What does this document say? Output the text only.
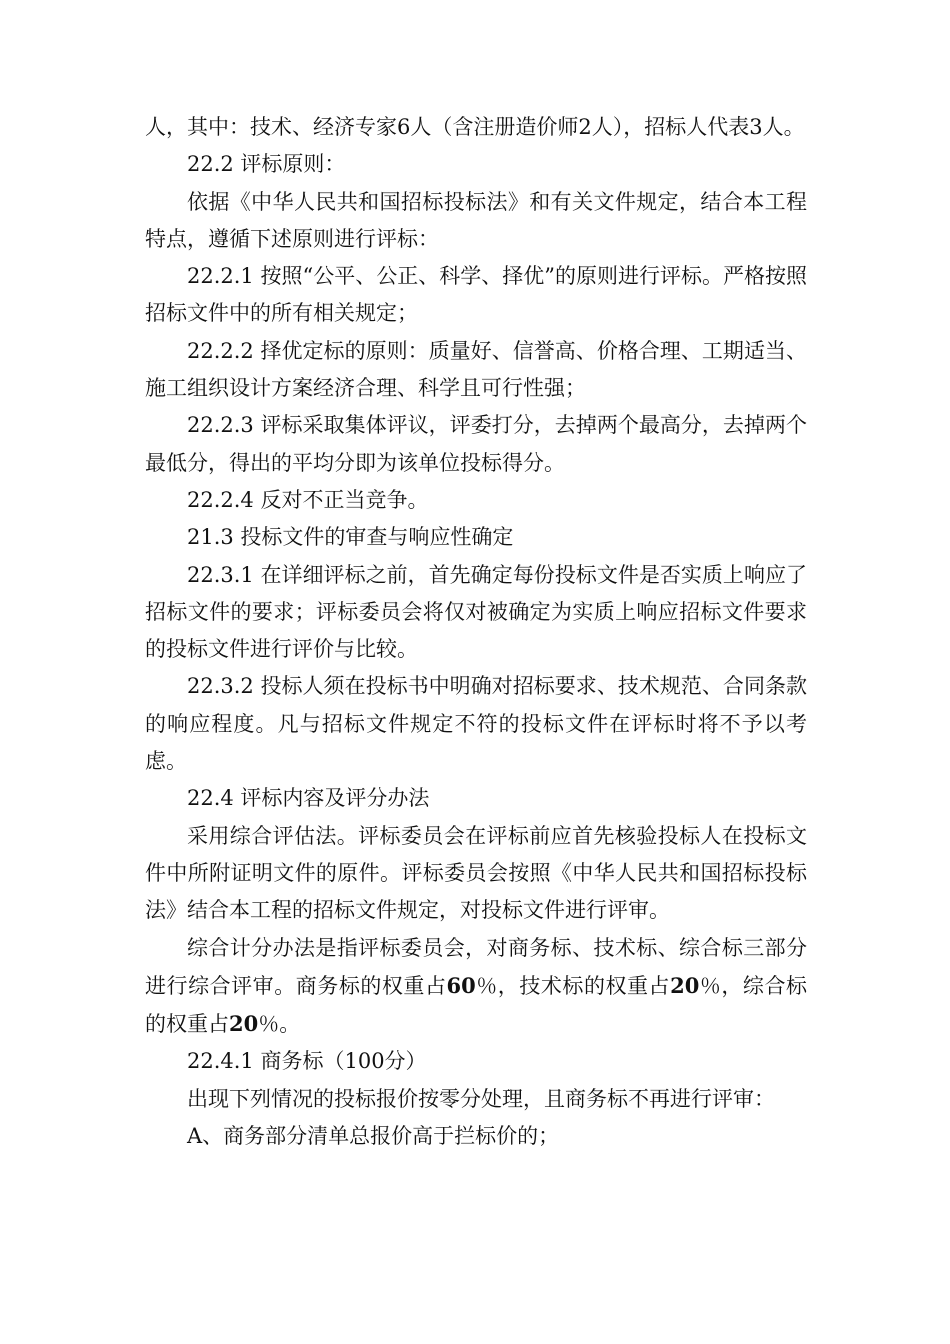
人，其中：技术、经济专家6人（含注册造价师2人），招标人代表3人。

22.2 评标原则：

依据《中华人民共和国招标投标法》和有关文件规定，结合本工程特点，遵循下述原则进行评标：

22.2.1 按照“公平、公正、科学、择优”的原则进行评标。严格按照招标文件中的所有相关规定；

22.2.2 择优定标的原则：质量好、信誉高、价格合理、工期适当、施工组织设计方案经济合理、科学且可行性强；

22.2.3 评标采取集体评议，评委打分，去掉两个最高分，去掉两个最低分，得出的平均分即为该单位投标得分。

22.2.4 反对不正当竞争。

21.3 投标文件的审查与响应性确定

22.3.1 在详细评标之前，首先确定每份投标文件是否实质上响应了招标文件的要求；评标委员会将仅对被确定为实质上响应招标文件要求的投标文件进行评价与比较。

22.3.2 投标人须在投标书中明确对招标要求、技术规范、合同条款的响应程度。凡与招标文件规定不符的投标文件在评标时将不予以考虑。

22.4 评标内容及评分办法

采用综合评估法。评标委员会在评标前应首先核验投标人在投标文件中所附证明文件的原件。评标委员会按照《中华人民共和国招标投标法》结合本工程的招标文件规定，对投标文件进行评审。

综合计分办法是指评标委员会，对商务标、技术标、综合标三部分进行综合评审。商务标的权重占60％，技术标的权重占20％，综合标的权重占20％。

22.4.1 商务标（100分）

出现下列情况的投标报价按零分处理，且商务标不再进行评审：

A、商务部分清单总报价高于拦标价的；
